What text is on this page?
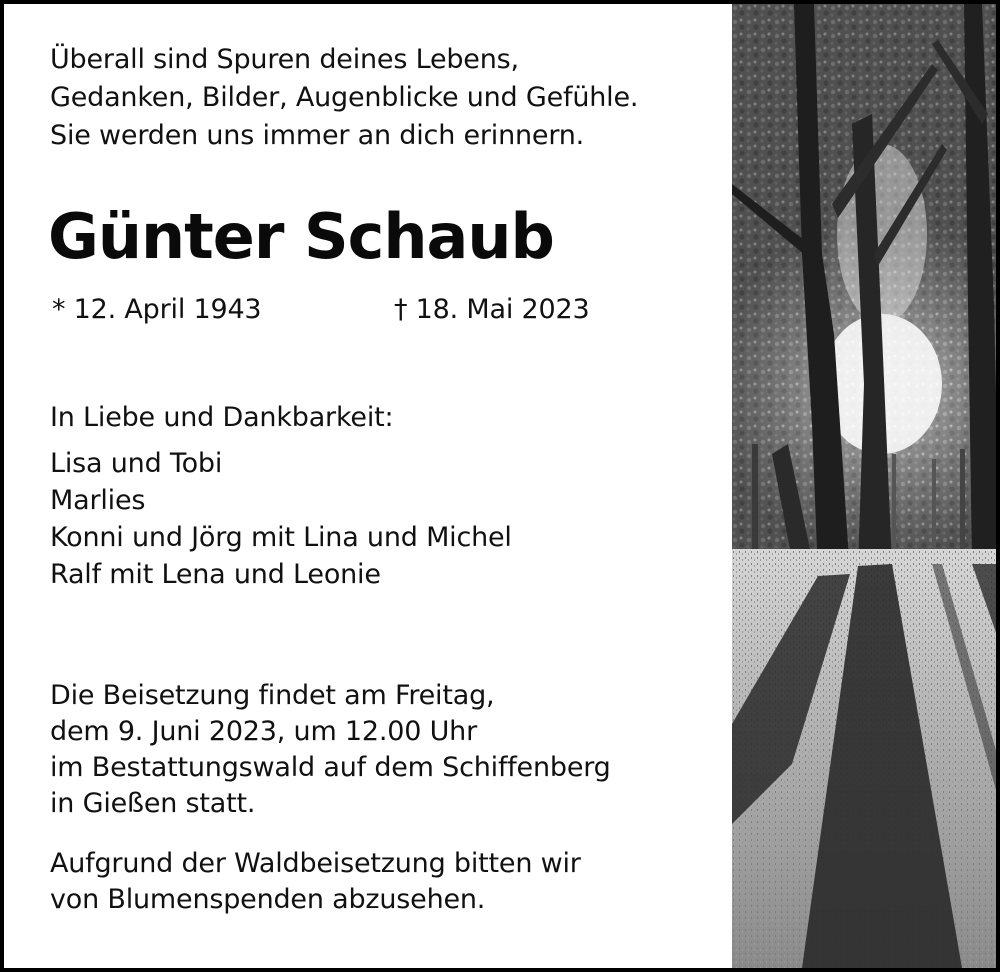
Überall sind Spuren deines Lebens,
Gedanken, Bilder, Augenblicke und Gefühle.
Sie werden uns immer an dich erinnern.
Günter Schaub
* 12. April 1943	† 18. Mai 2023
In Liebe und Dankbarkeit:
Lisa und Tobi
Marlies
Konni und Jörg mit Lina und Michel
Ralf mit Lena und Leonie
Die Beisetzung findet am Freitag,
dem 9. Juni 2023, um 12.00 Uhr
im Bestattungswald auf dem Schiffenberg
in Gießen statt.
Aufgrund der Waldbeisetzung bitten wir
von Blumenspenden abzusehen.
